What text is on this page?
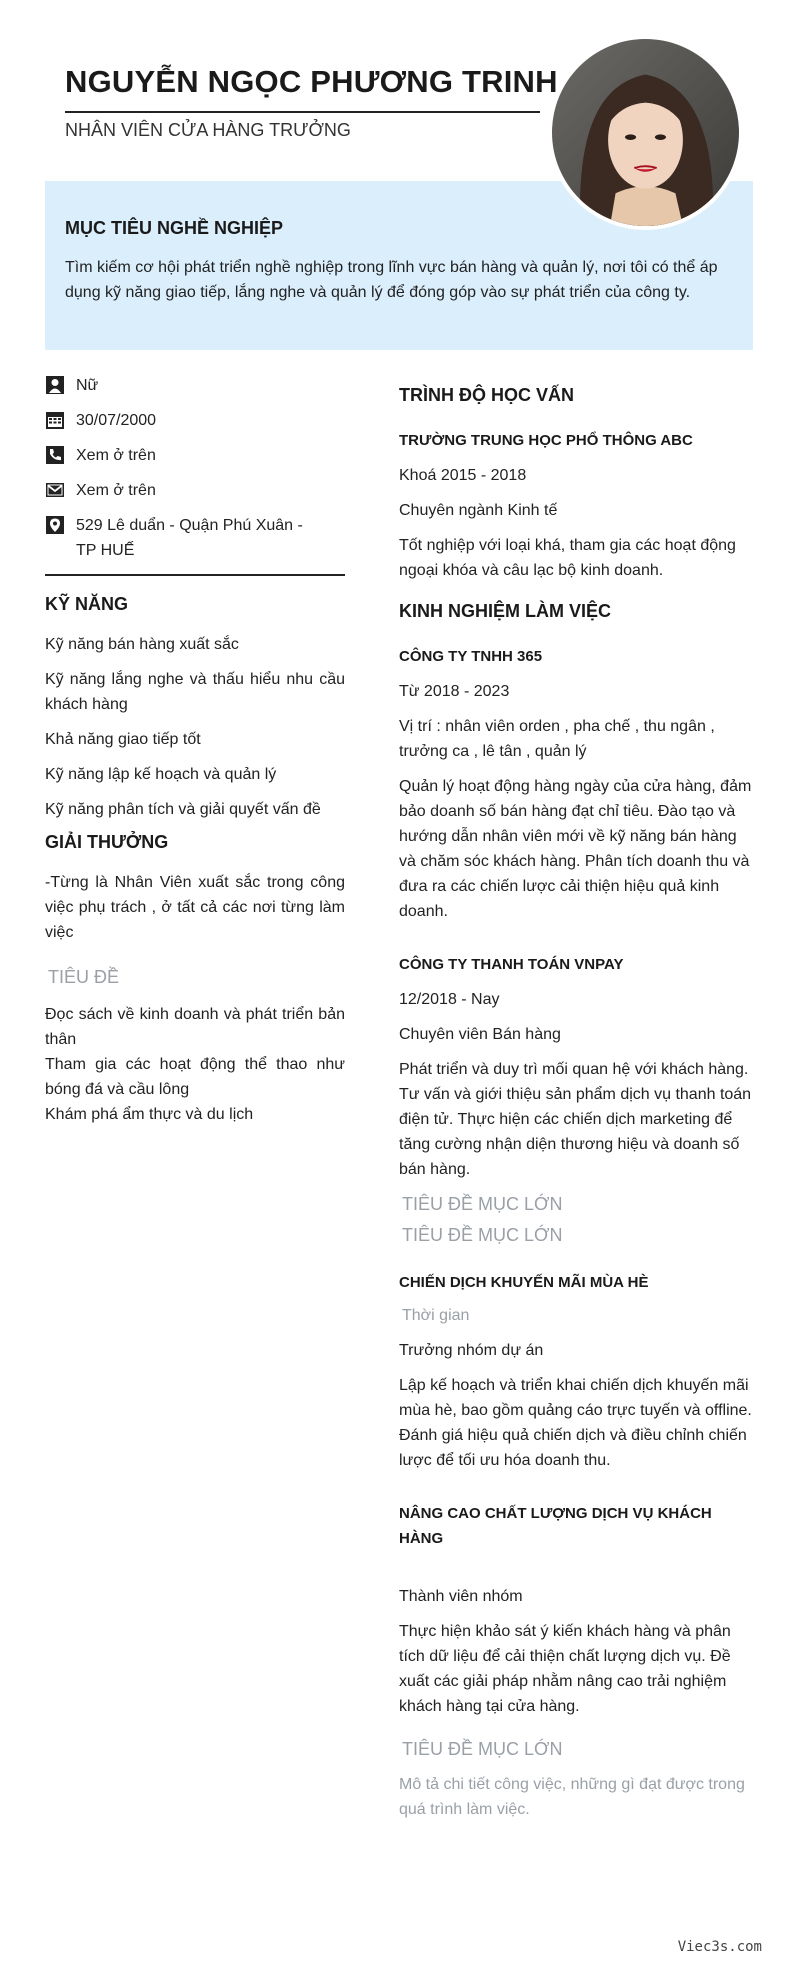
NGUYỄN NGỌC PHƯƠNG TRINH
NHÂN VIÊN CỬA HÀNG TRƯỞNG
MỤC TIÊU NGHỀ NGHIỆP

Tìm kiếm cơ hội phát triển nghề nghiệp trong lĩnh vực bán hàng và quản lý, nơi tôi có thể áp dụng kỹ năng giao tiếp, lắng nghe và quản lý để đóng góp vào sự phát triển của công ty.

Nữ
30/07/2000
Xem ở trên
Xem ở trên
529 Lê duẩn - Quận Phú Xuân - TP HUẾ
KỸ NĂNG
Kỹ năng bán hàng xuất sắc
Kỹ năng lắng nghe và thấu hiểu nhu cầu khách hàng
Khả năng giao tiếp tốt
Kỹ năng lập kế hoạch và quản lý
Kỹ năng phân tích và giải quyết vấn đề
GIẢI THƯỞNG
-Từng là Nhân Viên xuất sắc trong công việc phụ trách , ở tất cả các nơi từng làm việc
TIÊU ĐỀ
Đọc sách về kinh doanh và phát triển bản thân
Tham gia các hoạt động thể thao như bóng đá và cầu lông
Khám phá ẩm thực và du lịch
TRÌNH ĐỘ HỌC VẤN
TRƯỜNG TRUNG HỌC PHỔ THÔNG ABC
Khoá 2015 - 2018
Chuyên ngành Kinh tế
Tốt nghiệp với loại khá, tham gia các hoạt động ngoại khóa và câu lạc bộ kinh doanh.
KINH NGHIỆM LÀM VIỆC
CÔNG TY TNHH 365
Từ 2018 - 2023
Vị trí : nhân viên orden , pha chế , thu ngân , trưởng ca , lê tân , quản lý
Quản lý hoạt động hàng ngày của cửa hàng, đảm bảo doanh số bán hàng đạt chỉ tiêu. Đào tạo và hướng dẫn nhân viên mới về kỹ năng bán hàng và chăm sóc khách hàng. Phân tích doanh thu và đưa ra các chiến lược cải thiện hiệu quả kinh doanh.
CÔNG TY THANH TOÁN VNPAY
12/2018 - Nay
Chuyên viên Bán hàng
Phát triển và duy trì mối quan hệ với khách hàng. Tư vấn và giới thiệu sản phẩm dịch vụ thanh toán điện tử. Thực hiện các chiến dịch marketing để tăng cường nhận diện thương hiệu và doanh số bán hàng.
TIÊU ĐỀ MỤC LỚN
TIÊU ĐỀ MỤC LỚN
CHIẾN DỊCH KHUYẾN MÃI MÙA HÈ
Thời gian
Trưởng nhóm dự án
Lập kế hoạch và triển khai chiến dịch khuyến mãi mùa hè, bao gồm quảng cáo trực tuyến và offline. Đánh giá hiệu quả chiến dịch và điều chỉnh chiến lược để tối ưu hóa doanh thu.
NÂNG CAO CHẤT LƯỢNG DỊCH VỤ KHÁCH HÀNG
Thành viên nhóm
Thực hiện khảo sát ý kiến khách hàng và phân tích dữ liệu để cải thiện chất lượng dịch vụ. Đề xuất các giải pháp nhằm nâng cao trải nghiệm khách hàng tại cửa hàng.
TIÊU ĐỀ MỤC LỚN
Mô tả chi tiết công việc, những gì đạt được trong quá trình làm việc.
Viec3s.com
